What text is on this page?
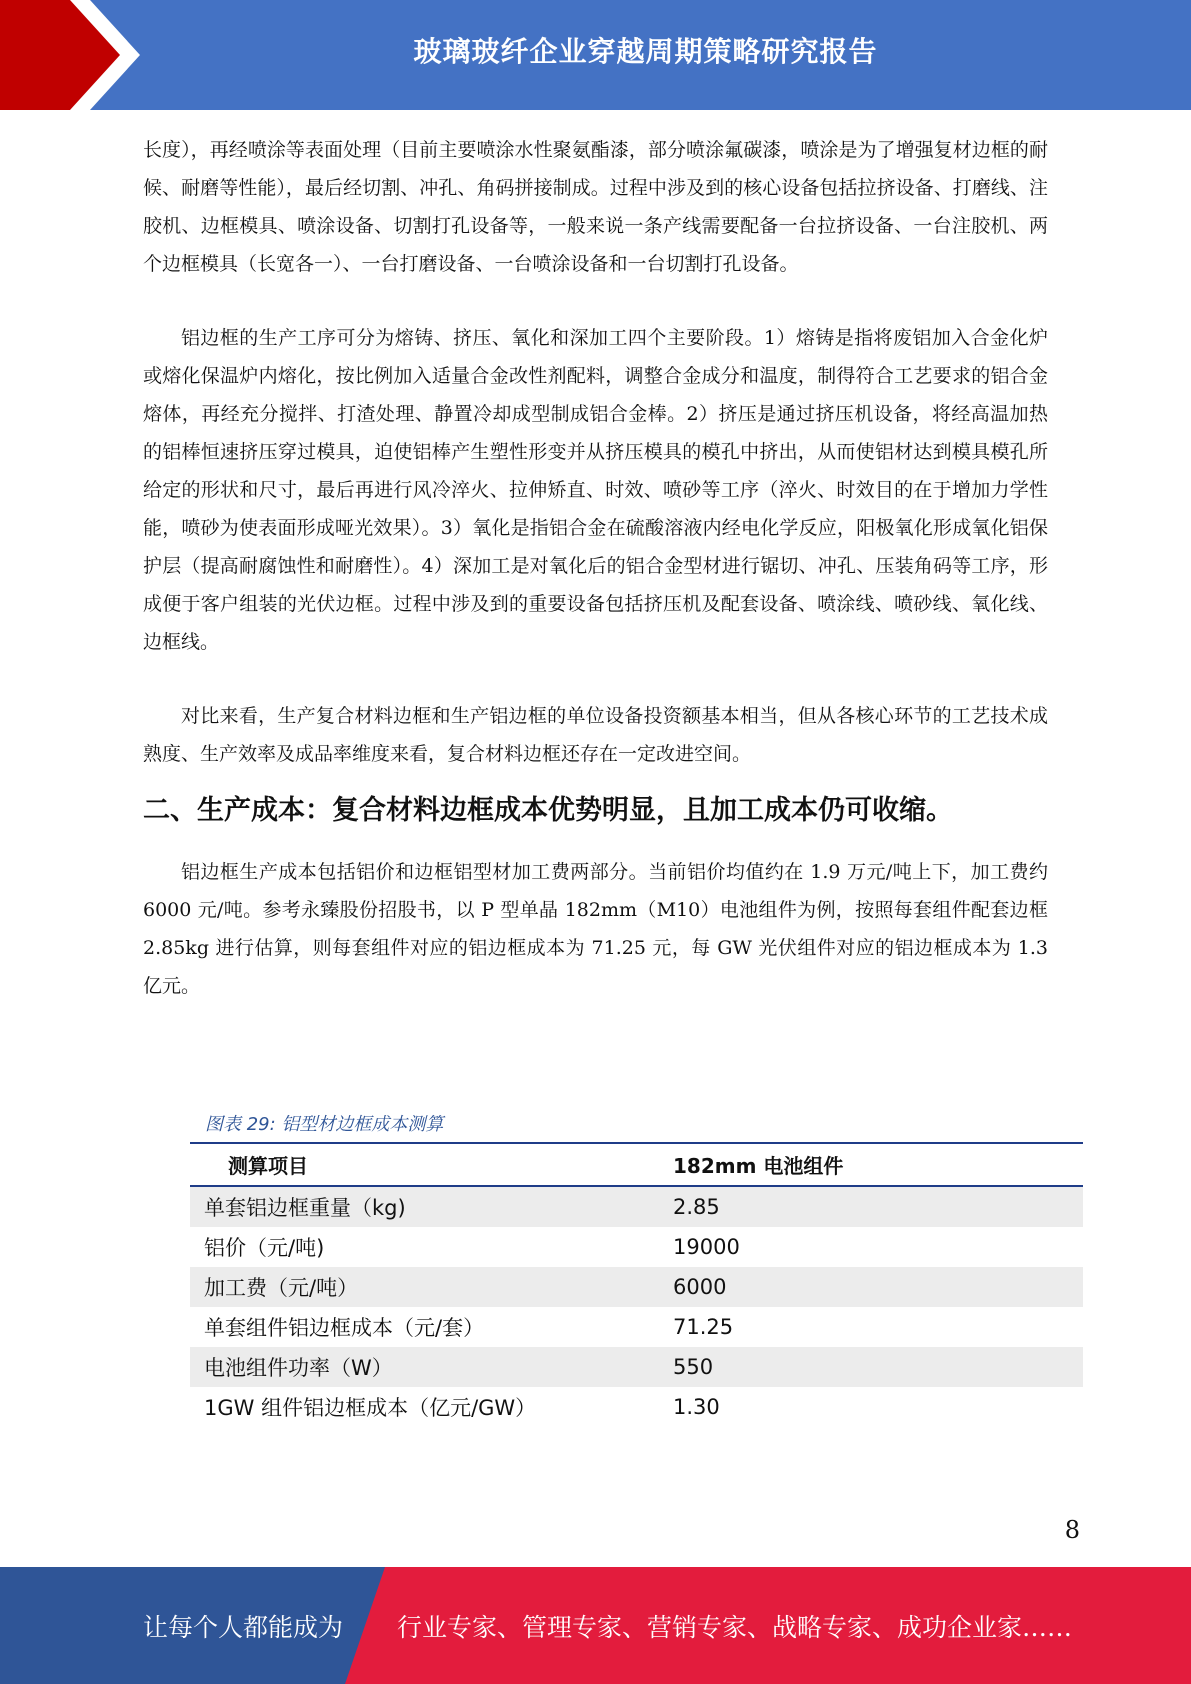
玻璃玻纤企业穿越周期策略研究报告

长度），再经喷涂等表面处理（目前主要喷涂水性聚氨酯漆，部分喷涂氟碳漆，喷涂是为了增强复材边框的耐候、耐磨等性能），最后经切割、冲孔、角码拼接制成。过程中涉及到的核心设备包括拉挤设备、打磨线、注胶机、边框模具、喷涂设备、切割打孔设备等，一般来说一条产线需要配备一台拉挤设备、一台注胶机、两个边框模具（长宽各一）、一台打磨设备、一台喷涂设备和一台切割打孔设备。

铝边框的生产工序可分为熔铸、挤压、氧化和深加工四个主要阶段。1）熔铸是指将废铝加入合金化炉或熔化保温炉内熔化，按比例加入适量合金改性剂配料，调整合金成分和温度，制得符合工艺要求的铝合金熔体，再经充分搅拌、打渣处理、静置冷却成型制成铝合金棒。2）挤压是通过挤压机设备，将经高温加热的铝棒恒速挤压穿过模具，迫使铝棒产生塑性形变并从挤压模具的模孔中挤出，从而使铝材达到模具模孔所给定的形状和尺寸，最后再进行风冷淬火、拉伸矫直、时效、喷砂等工序（淬火、时效目的在于增加力学性能，喷砂为使表面形成哑光效果）。3）氧化是指铝合金在硫酸溶液内经电化学反应，阳极氧化形成氧化铝保护层（提高耐腐蚀性和耐磨性）。4）深加工是对氧化后的铝合金型材进行锯切、冲孔、压装角码等工序，形成便于客户组装的光伏边框。过程中涉及到的重要设备包括挤压机及配套设备、喷涂线、喷砂线、氧化线、边框线。

对比来看，生产复合材料边框和生产铝边框的单位设备投资额基本相当，但从各核心环节的工艺技术成熟度、生产效率及成品率维度来看，复合材料边框还存在一定改进空间。

二、生产成本：复合材料边框成本优势明显，且加工成本仍可收缩。

铝边框生产成本包括铝价和边框铝型材加工费两部分。当前铝价均值约在 1.9 万元/吨上下，加工费约 6000 元/吨。参考永臻股份招股书，以 P 型单晶 182mm（M10）电池组件为例，按照每套组件配套边框 2.85kg 进行估算，则每套组件对应的铝边框成本为 71.25 元，每 GW 光伏组件对应的铝边框成本为 1.3 亿元。

图表 29: 铝型材边框成本测算
测算项目	182mm 电池组件
单套铝边框重量（kg)	2.85
铝价（元/吨)	19000
加工费（元/吨）	6000
单套组件铝边框成本（元/套）	71.25
电池组件功率（W）	550
1GW 组件铝边框成本（亿元/GW）	1.30
8
让每个人都能成为 行业专家、管理专家、营销专家、战略专家、成功企业家……
